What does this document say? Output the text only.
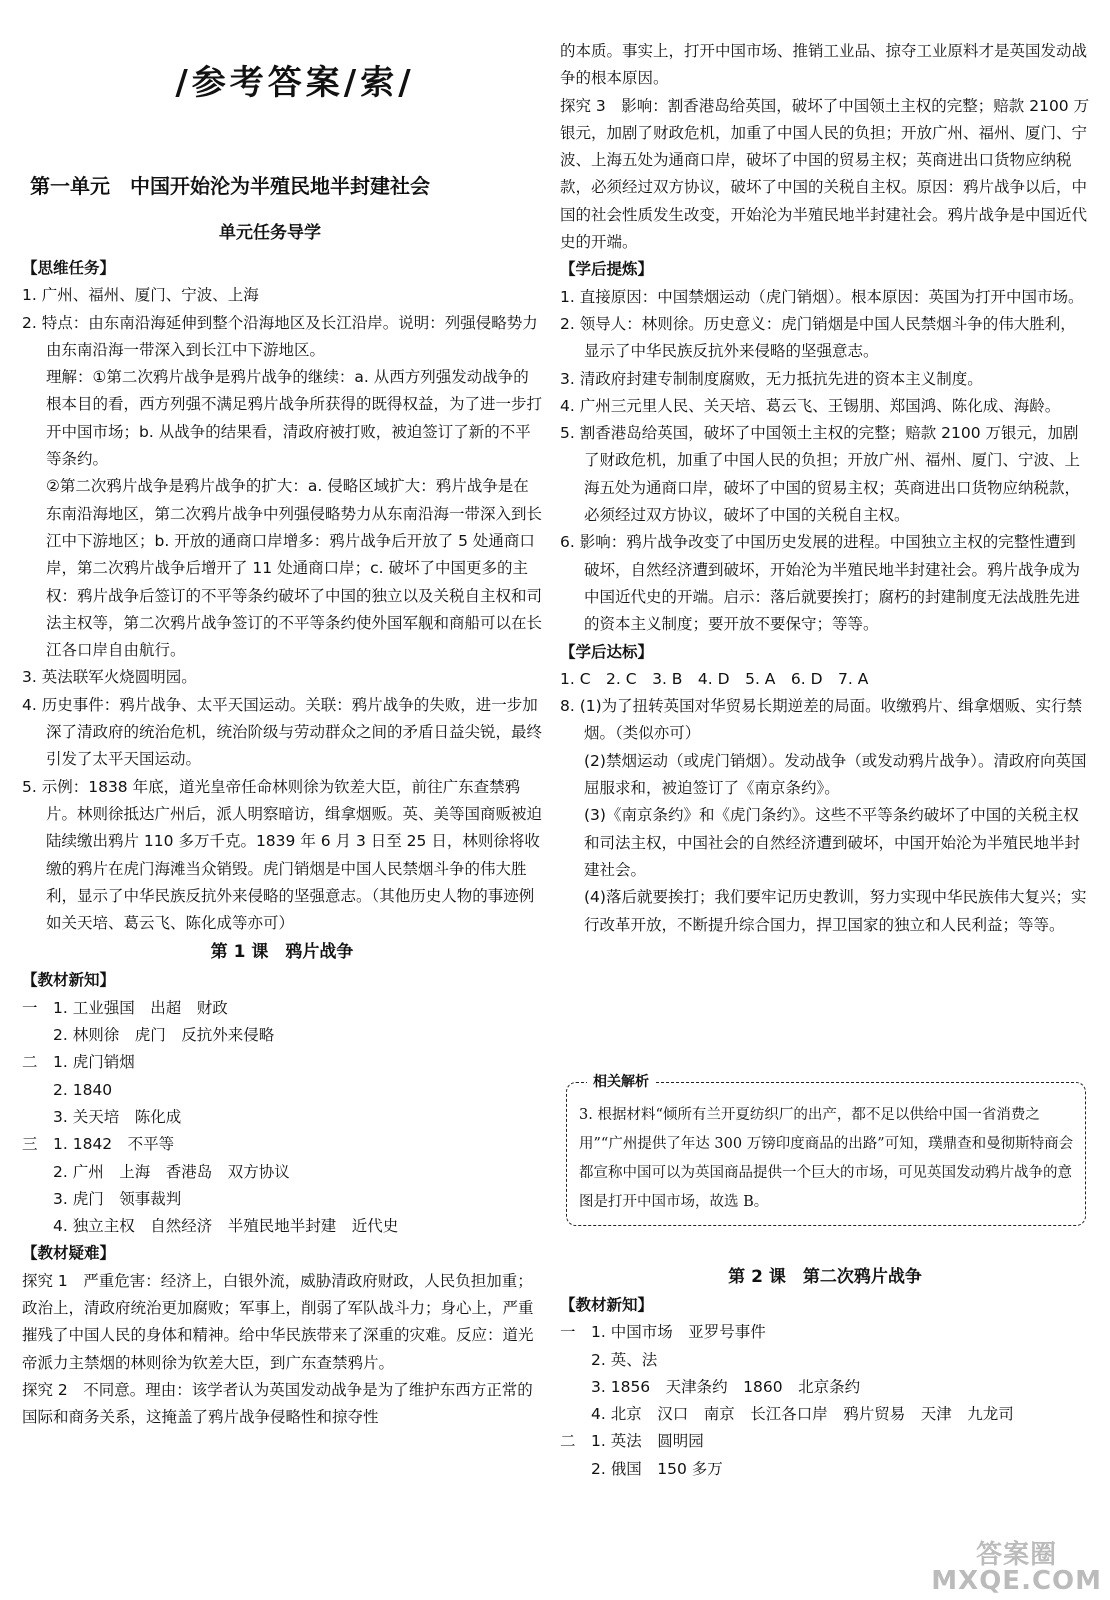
/参考答案/索/
第一单元　中国开始沦为半殖民地半封建社会
单元任务导学

【思维任务】

1. 广州、福州、厦门、宁波、上海

2. 特点：由东南沿海延伸到整个沿海地区及长江沿岸。说明：列强侵略势力由东南沿海一带深入到长江中下游地区。

理解：①第二次鸦片战争是鸦片战争的继续：a. 从西方列强发动战争的根本目的看，西方列强不满足鸦片战争所获得的既得权益，为了进一步打开中国市场；b. 从战争的结果看，清政府被打败，被迫签订了新的不平等条约。

②第二次鸦片战争是鸦片战争的扩大：a. 侵略区域扩大：鸦片战争是在东南沿海地区，第二次鸦片战争中列强侵略势力从东南沿海一带深入到长江中下游地区；b. 开放的通商口岸增多：鸦片战争后开放了 5 处通商口岸，第二次鸦片战争后增开了 11 处通商口岸；c. 破坏了中国更多的主权：鸦片战争后签订的不平等条约破坏了中国的独立以及关税自主权和司法主权等，第二次鸦片战争签订的不平等条约使外国军舰和商船可以在长江各口岸自由航行。

3. 英法联军火烧圆明园。

4. 历史事件：鸦片战争、太平天国运动。关联：鸦片战争的失败，进一步加深了清政府的统治危机，统治阶级与劳动群众之间的矛盾日益尖锐，最终引发了太平天国运动。

5. 示例：1838 年底，道光皇帝任命林则徐为钦差大臣，前往广东查禁鸦片。林则徐抵达广州后，派人明察暗访，缉拿烟贩。英、美等国商贩被迫陆续缴出鸦片 110 多万千克。1839 年 6 月 3 日至 25 日，林则徐将收缴的鸦片在虎门海滩当众销毁。虎门销烟是中国人民禁烟斗争的伟大胜利，显示了中华民族反抗外来侵略的坚强意志。（其他历史人物的事迹例如关天培、葛云飞、陈化成等亦可）

第 1 课　鸦片战争

【教材新知】

一　1. 工业强国　出超　财政

　　2. 林则徐　虎门　反抗外来侵略

二　1. 虎门销烟

　　2. 1840

　　3. 关天培　陈化成

三　1. 1842　不平等

　　2. 广州　上海　香港岛　双方协议

　　3. 虎门　领事裁判

　　4. 独立主权　自然经济　半殖民地半封建　近代史

【教材疑难】

探究 1　严重危害：经济上，白银外流，威胁清政府财政，人民负担加重；政治上，清政府统治更加腐败；军事上，削弱了军队战斗力；身心上，严重摧残了中国人民的身体和精神。给中华民族带来了深重的灾难。反应：道光帝派力主禁烟的林则徐为钦差大臣，到广东查禁鸦片。

探究 2　不同意。理由：该学者认为英国发动战争是为了维护东西方正常的国际和商务关系，这掩盖了鸦片战争侵略性和掠夺性

的本质。事实上，打开中国市场、推销工业品、掠夺工业原料才是英国发动战争的根本原因。

探究 3　影响：割香港岛给英国，破坏了中国领土主权的完整；赔款 2100 万银元，加剧了财政危机，加重了中国人民的负担；开放广州、福州、厦门、宁波、上海五处为通商口岸，破坏了中国的贸易主权；英商进出口货物应纳税款，必须经过双方协议，破坏了中国的关税自主权。原因：鸦片战争以后，中国的社会性质发生改变，开始沦为半殖民地半封建社会。鸦片战争是中国近代史的开端。

【学后提炼】

1. 直接原因：中国禁烟运动（虎门销烟）。根本原因：英国为打开中国市场。

2. 领导人：林则徐。历史意义：虎门销烟是中国人民禁烟斗争的伟大胜利，显示了中华民族反抗外来侵略的坚强意志。

3. 清政府封建专制制度腐败，无力抵抗先进的资本主义制度。

4. 广州三元里人民、关天培、葛云飞、王锡朋、郑国鸿、陈化成、海龄。

5. 割香港岛给英国，破坏了中国领土主权的完整；赔款 2100 万银元，加剧了财政危机，加重了中国人民的负担；开放广州、福州、厦门、宁波、上海五处为通商口岸，破坏了中国的贸易主权；英商进出口货物应纳税款，必须经过双方协议，破坏了中国的关税自主权。

6. 影响：鸦片战争改变了中国历史发展的进程。中国独立主权的完整性遭到破坏，自然经济遭到破坏，开始沦为半殖民地半封建社会。鸦片战争成为中国近代史的开端。启示：落后就要挨打；腐朽的封建制度无法战胜先进的资本主义制度；要开放不要保守；等等。

【学后达标】

1. C　2. C　3. B　4. D　5. A　6. D　7. A

8. (1)为了扭转英国对华贸易长期逆差的局面。收缴鸦片、缉拿烟贩、实行禁烟。（类似亦可）

(2)禁烟运动（或虎门销烟）。发动战争（或发动鸦片战争）。清政府向英国屈服求和，被迫签订了《南京条约》。

(3)《南京条约》和《虎门条约》。这些不平等条约破坏了中国的关税主权和司法主权，中国社会的自然经济遭到破坏，中国开始沦为半殖民地半封建社会。

(4)落后就要挨打；我们要牢记历史教训，努力实现中华民族伟大复兴；实行改革开放，不断提升综合国力，捍卫国家的独立和人民利益；等等。

相关解析

3. 根据材料“倾所有兰开夏纺织厂的出产，都不足以供给中国一省消费之用”“广州提供了年达 300 万镑印度商品的出路”可知，璞鼎查和曼彻斯特商会都宣称中国可以为英国商品提供一个巨大的市场，可见英国发动鸦片战争的意图是打开中国市场，故选 B。

第 2 课　第二次鸦片战争

【教材新知】

一　1. 中国市场　亚罗号事件

　　2. 英、法

　　3. 1856　天津条约　1860　北京条约

　　4. 北京　汉口　南京　长江各口岸　鸦片贸易　天津　九龙司

二　1. 英法　圆明园

　　2. 俄国　150 多万

答案圈
MXQE.COM
